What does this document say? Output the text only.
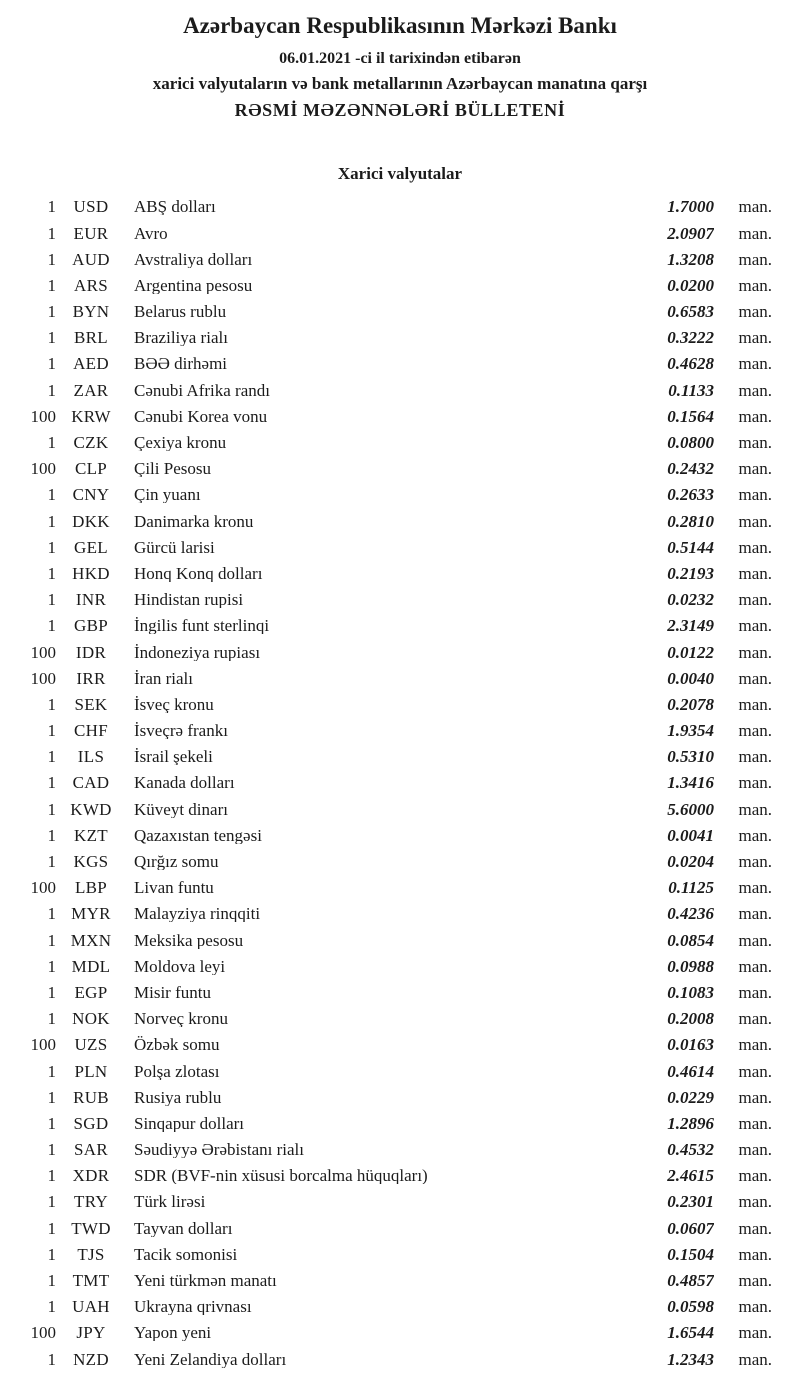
Azərbaycan Respublikasının Mərkəzi Bankı
06.01.2021 -ci il tarixindən etibarən
xarici valyutaların və bank metallarının Azərbaycan manatına qarşı
RƏSMİ MƏZƏNNƏLƏRİ BÜLLETENİ
Xarici valyutalar
1	USD	ABŞ dolları	1.7000	man.
1	EUR	Avro	2.0907	man.
1 AUD	Avstraliya dolları	1.3208	man.
1	ARS	Argentina pesosu	0.0200	man.
1 BYN	Belarus rublu	0.6583	man.
1	BRL	Braziliya rialı	0.3222	man.
1	AED	BƏƏ dirhəmi	0.4628	man.
1	ZAR	Cənubi Afrika randı	0.1133	man.
100 KRW	Cənubi Korea vonu	0.1564	man.
1	CZK	Çexiya kronu	0.0800	man.
100	CLP	Çili Pesosu	0.2432	man.
1 CNY	Çin yuanı	0.2633	man.
1 DKK	Danimarka kronu	0.2810	man.
1	GEL	Gürcü larisi	0.5144	man.
1 HKD	Honq Konq dolları	0.2193	man.
1	INR	Hindistan rupisi	0.0232	man.
1	GBP	İngilis funt sterlinqi	2.3149	man.
100	IDR	İndoneziya rupiası	0.0122	man.
100	IRR	İran rialı	0.0040	man.
1	SEK	İsveç kronu	0.2078	man.
1	CHF	İsveçrə frankı	1.9354	man.
1	ILS	İsrail şekeli	0.5310	man.
1 CAD	Kanada dolları	1.3416	man.
1 KWD	Küveyt dinarı	5.6000	man.
1	KZT	Qazaxıstan tengəsi	0.0041	man.
1	KGS	Qırğız somu	0.0204	man.
100	LBP	Livan funtu	0.1125	man.
1 MYR	Malayziya rinqqiti	0.4236	man.
1 MXN	Meksika pesosu	0.0854	man.
1 MDL	Moldova leyi	0.0988	man.
1	EGP	Misir funtu	0.1083	man.
1 NOK	Norveç kronu	0.2008	man.
100	UZS	Özbək somu	0.0163	man.
1	PLN	Polşa zlotası	0.4614	man.
1	RUB	Rusiya rublu	0.0229	man.
1	SGD	Sinqapur dolları	1.2896	man.
1	SAR	Səudiyyə Ərəbistanı rialı	0.4532	man.
1 XDR	SDR (BVF-nin xüsusi borcalma hüquqları)	2.4615	man.
1	TRY	Türk lirəsi	0.2301	man.
1 TWD	Tayvan dolları	0.0607	man.
1	TJS	Tacik somonisi	0.1504	man.
1 TMT	Yeni türkmən manatı	0.4857	man.
1 UAH	Ukrayna qrivnası	0.0598	man.
100	JPY	Yapon yeni	1.6544	man.
1	NZD	Yeni Zelandiya dolları	1.2343	man.
